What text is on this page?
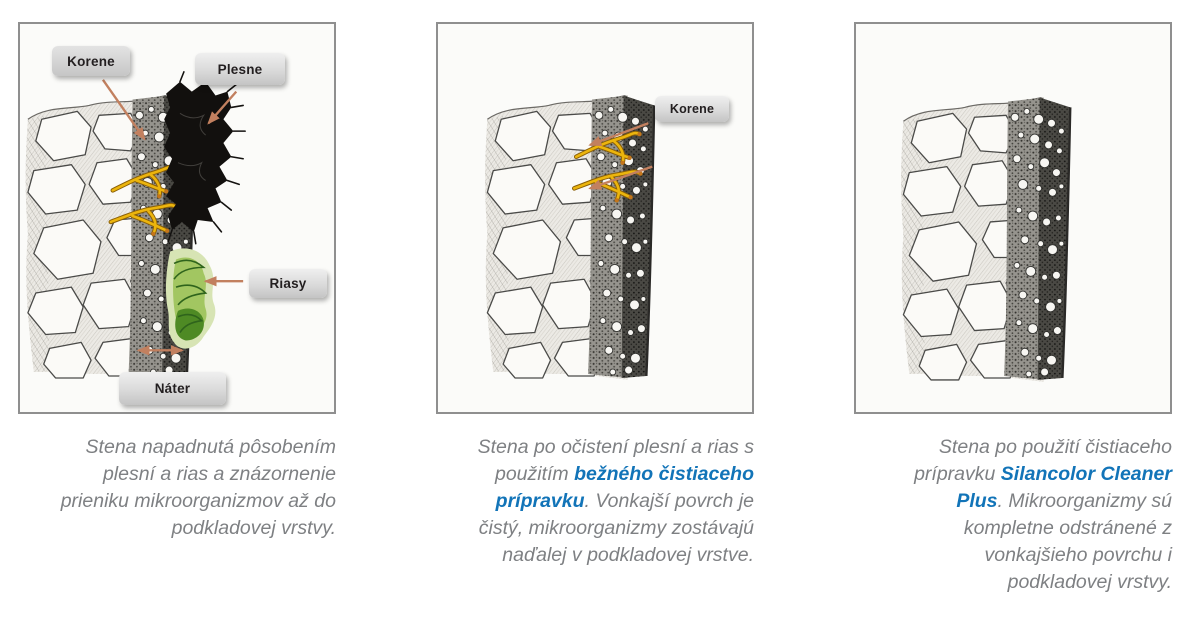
Korene
Plesne
Riasy
Náter
Korene
Stena napadnutá pôsobením plesní a rias a znázornenie prieniku mikroorganizmov až do podkladovej vrstvy.
Stena po očistení plesní a rias s použitím bežného čistiaceho prípravku. Vonkajší povrch je čistý, mikroorganizmy zostávajú naďalej v podkladovej vrstve.
Stena po použití čistiaceho prípravku Silancolor Cleaner Plus. Mikroorganizmy sú kompletne odstránené z vonkajšieho povrchu i podkladovej vrstvy.
